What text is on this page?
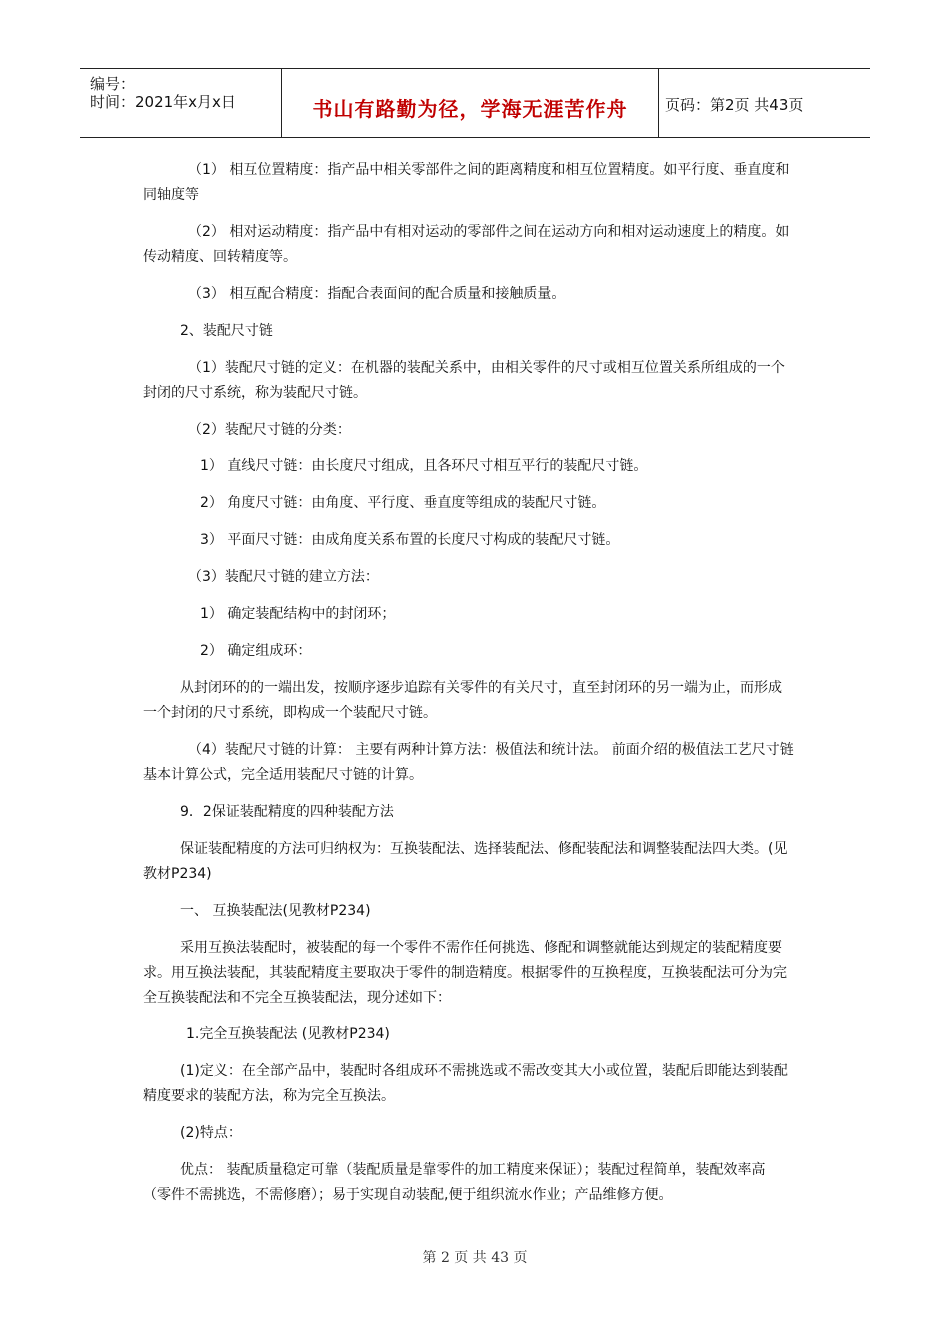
编号：
时间：2021年x月x日	书山有路勤为径，学海无涯苦作舟	页码：第2页 共43页

（1） 相互位置精度：指产品中相关零部件之间的距离精度和相互位置精度。如平行度、垂直度和

同轴度等

（2） 相对运动精度：指产品中有相对运动的零部件之间在运动方向和相对运动速度上的精度。如

传动精度、回转精度等。

（3） 相互配合精度：指配合表面间的配合质量和接触质量。

2、装配尺寸链

（1）装配尺寸链的定义：在机器的装配关系中，由相关零件的尺寸或相互位置关系所组成的一个

封闭的尺寸系统，称为装配尺寸链。

（2）装配尺寸链的分类：

1） 直线尺寸链：由长度尺寸组成，且各环尺寸相互平行的装配尺寸链。

2） 角度尺寸链：由角度、平行度、垂直度等组成的装配尺寸链。

3） 平面尺寸链：由成角度关系布置的长度尺寸构成的装配尺寸链。

（3）装配尺寸链的建立方法：

1） 确定装配结构中的封闭环；

2） 确定组成环：

从封闭环的的一端出发，按顺序逐步追踪有关零件的有关尺寸，直至封闭环的另一端为止，而形成

一个封闭的尺寸系统，即构成一个装配尺寸链。

（4）装配尺寸链的计算： 主要有两种计算方法：极值法和统计法。 前面介绍的极值法工艺尺寸链

基本计算公式，完全适用装配尺寸链的计算。

9．2保证装配精度的四种装配方法

保证装配精度的方法可归纳权为：互换装配法、选择装配法、修配装配法和调整装配法四大类。(见

教材P234)

一、 互换装配法(见教材P234)

采用互换法装配时，被装配的每一个零件不需作任何挑选、修配和调整就能达到规定的装配精度要

求。用互换法装配，其装配精度主要取决于零件的制造精度。根据零件的互换程度，互换装配法可分为完

全互换装配法和不完全互换装配法，现分述如下：

1.完全互换装配法 (见教材P234)

(1)定义：在全部产品中，装配时各组成环不需挑选或不需改变其大小或位置，装配后即能达到装配

精度要求的装配方法，称为完全互换法。

(2)特点：

优点： 装配质量稳定可靠（装配质量是靠零件的加工精度来保证）；装配过程简单，装配效率高

（零件不需挑选，不需修磨）；易于实现自动装配,便于组织流水作业；产品维修方便。

第 2 页 共 43 页
